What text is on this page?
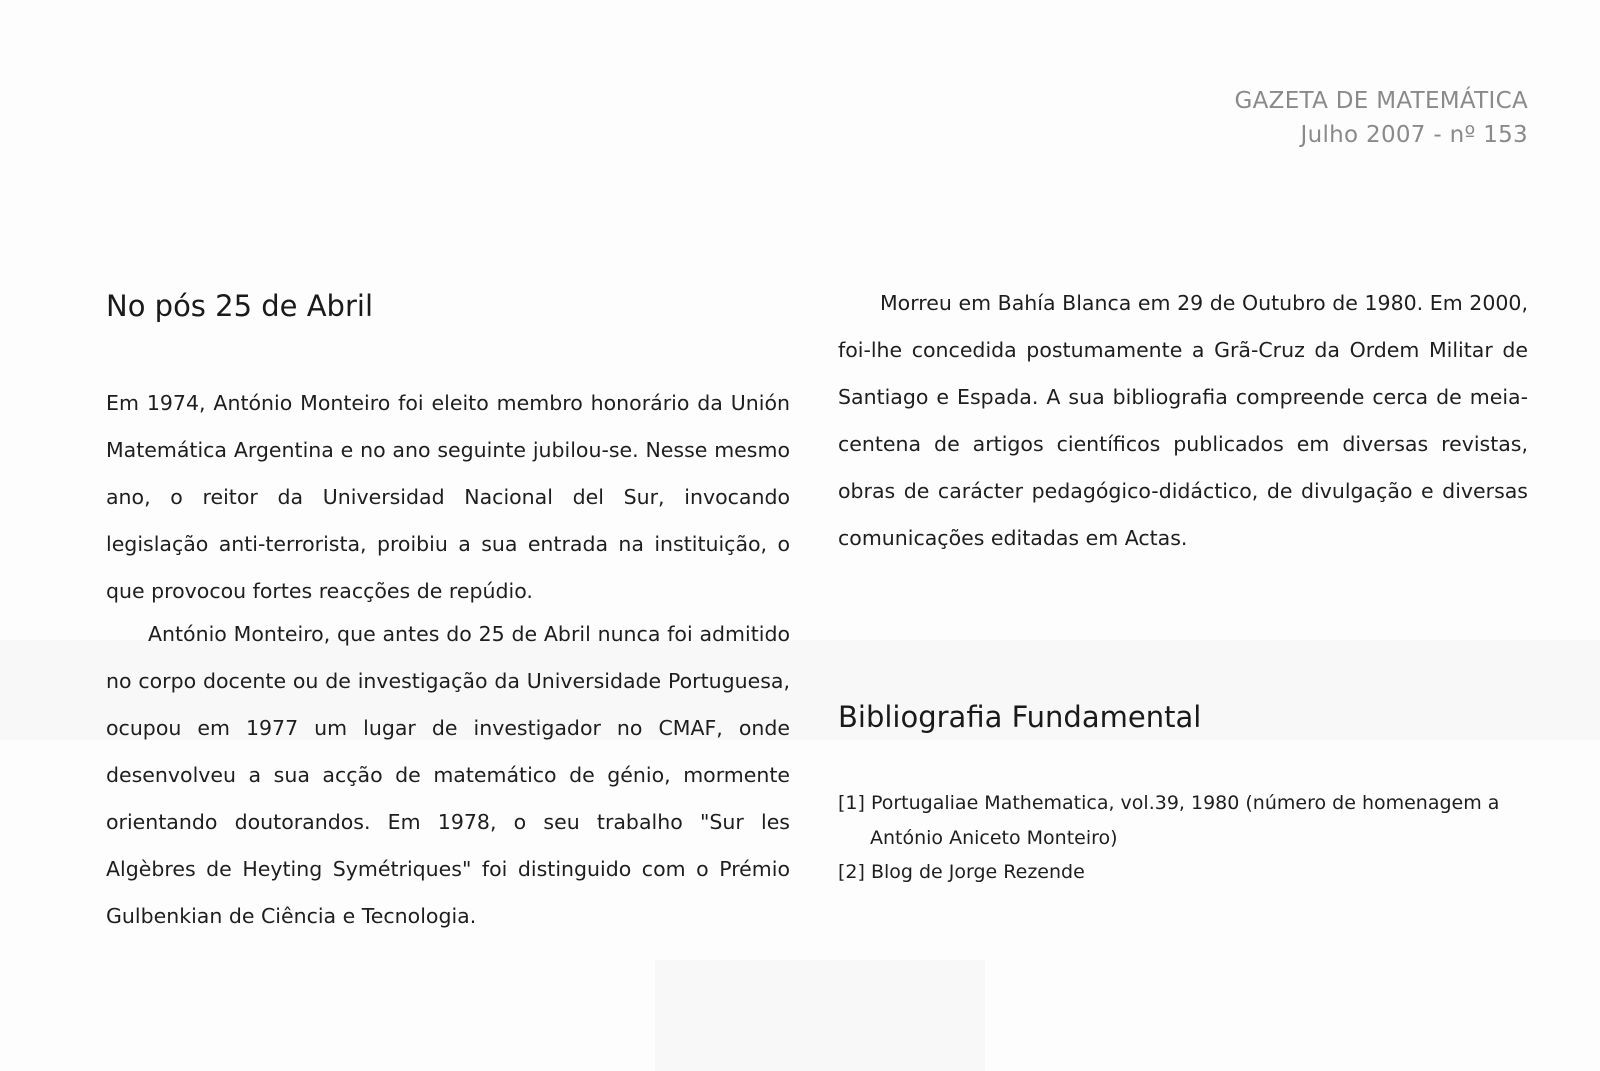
GAZETA DE MATEMÁTICA
Julho 2007 - nº 153
No pós 25 de Abril

Em 1974, António Monteiro foi eleito membro honorário da Unión Matemática Argentina e no ano seguinte jubilou-se. Nesse mesmo ano, o reitor da Universidad Nacional del Sur, invocando legislação anti-terrorista, proibiu a sua entrada na instituição, o que provocou fortes reacções de repúdio.

António Monteiro, que antes do 25 de Abril nunca foi admitido no corpo docente ou de investigação da Universidade Portuguesa, ocupou em 1977 um lugar de investigador no CMAF, onde desenvolveu a sua acção de matemático de génio, mormente orientando doutorandos. Em 1978, o seu trabalho "Sur les Algèbres de Heyting Symétriques" foi distinguido com o Prémio Gulbenkian de Ciência e Tecnologia.

Morreu em Bahía Blanca em 29 de Outubro de 1980. Em 2000, foi-lhe concedida postumamente a Grã-Cruz da Ordem Militar de Santiago e Espada. A sua bibliografia compreende cerca de meia-centena de artigos científicos publicados em diversas revistas, obras de carácter pedagógico-didáctico, de divulgação e diversas comunicações editadas em Actas.

Bibliografia Fundamental

[1] Portugaliae Mathematica, vol.39, 1980 (número de homenagem a António Aniceto Monteiro)

[2] Blog de Jorge Rezende
